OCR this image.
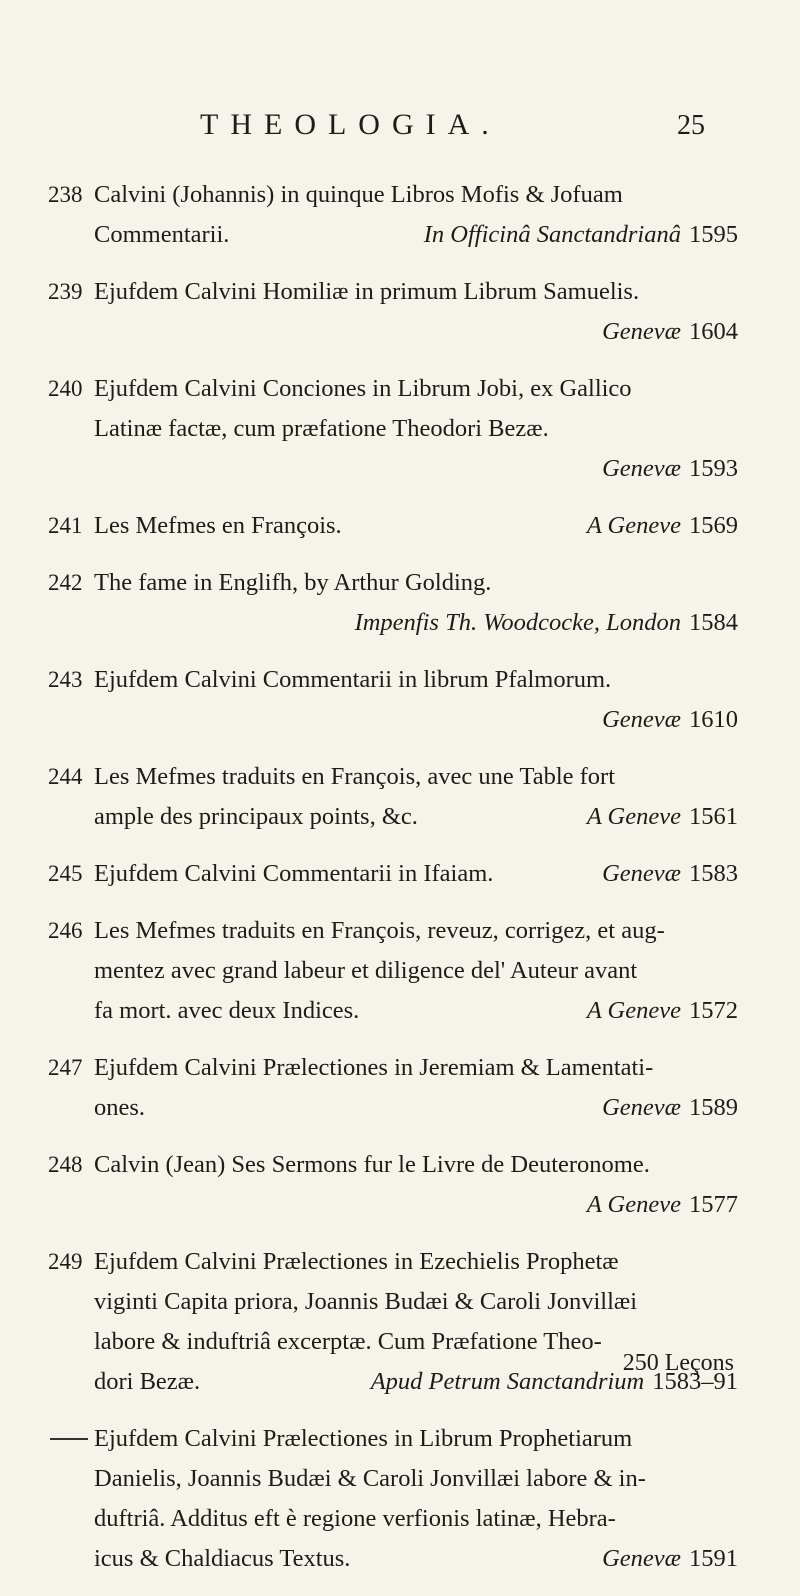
THEOLOGIA.	25
238 Calvini (Johannis) in quinque Libros Mofis & Jofuam
Commentarii.	In Officinâ Sanctandrianâ 1595
239 Ejufdem Calvini Homiliæ in primum Librum Samuelis.
Genevæ 1604
240 Ejufdem Calvini Conciones in Librum Jobi, ex Gallico
Latinæ factæ, cum præfatione Theodori Bezæ.
Genevæ 1593
241 Les Mefmes en François.	A Geneve 1569
242 The fame in Englifh, by Arthur Golding.
Impenfis Th. Woodcocke, London 1584
243 Ejufdem Calvini Commentarii in librum Pfalmorum.
Genevæ 1610
244 Les Mefmes traduits en François, avec une Table fort
ample des principaux points, &c.	A Geneve 1561
245 Ejufdem Calvini Commentarii in Ifaiam.	Genevæ 1583
246 Les Mefmes traduits en François, reveuz, corrigez, et aug-
mentez avec grand labeur et diligence del' Auteur avant
fa mort. avec deux Indices.	A Geneve 1572
247 Ejufdem Calvini Prælectiones in Jeremiam & Lamentati-
ones.	Genevæ 1589
248 Calvin (Jean) Ses Sermons fur le Livre de Deuteronome.
A Geneve 1577
249 Ejufdem Calvini Prælectiones in Ezechielis Prophetæ
viginti Capita priora, Joannis Budæi & Caroli Jonvillæi
labore & induftriâ excerptæ. Cum Præfatione Theo-
dori Bezæ.	Apud Petrum Sanctandrium 1583–91
Ejufdem Calvini Prælectiones in Librum Prophetiarum
Danielis, Joannis Budæi & Caroli Jonvillæi labore & in-
duftriâ. Additus eft è regione verfionis latinæ, Hebra-
icus & Chaldiacus Textus.	Genevæ 1591
250 Leçons
